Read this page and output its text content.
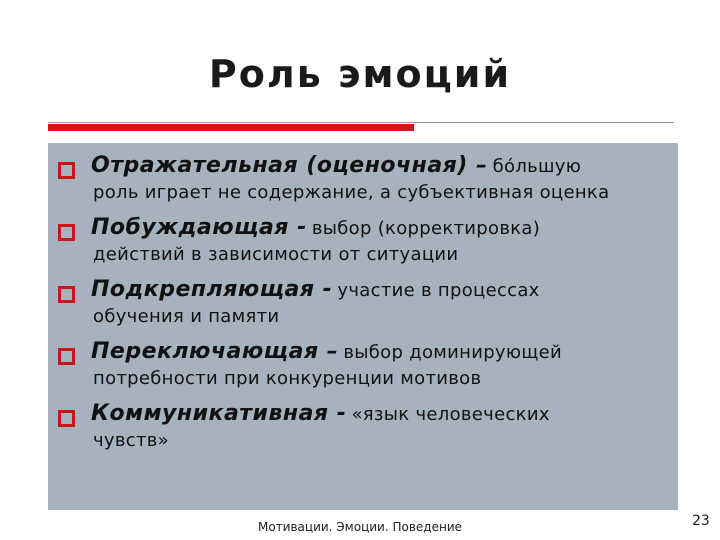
Роль эмоций
Отражательная (оценочная) – бо́льшую
роль играет не содержание, а субъективная оценка
Побуждающая - выбор (корректировка)
действий в зависимости от ситуации
Подкрепляющая - участие в процессах
обучения и памяти
Переключающая – выбор доминирующей
потребности при конкуренции мотивов
Коммуникативная - «язык человеческих
чувств»
Мотивации. Эмоции. Поведение	23
